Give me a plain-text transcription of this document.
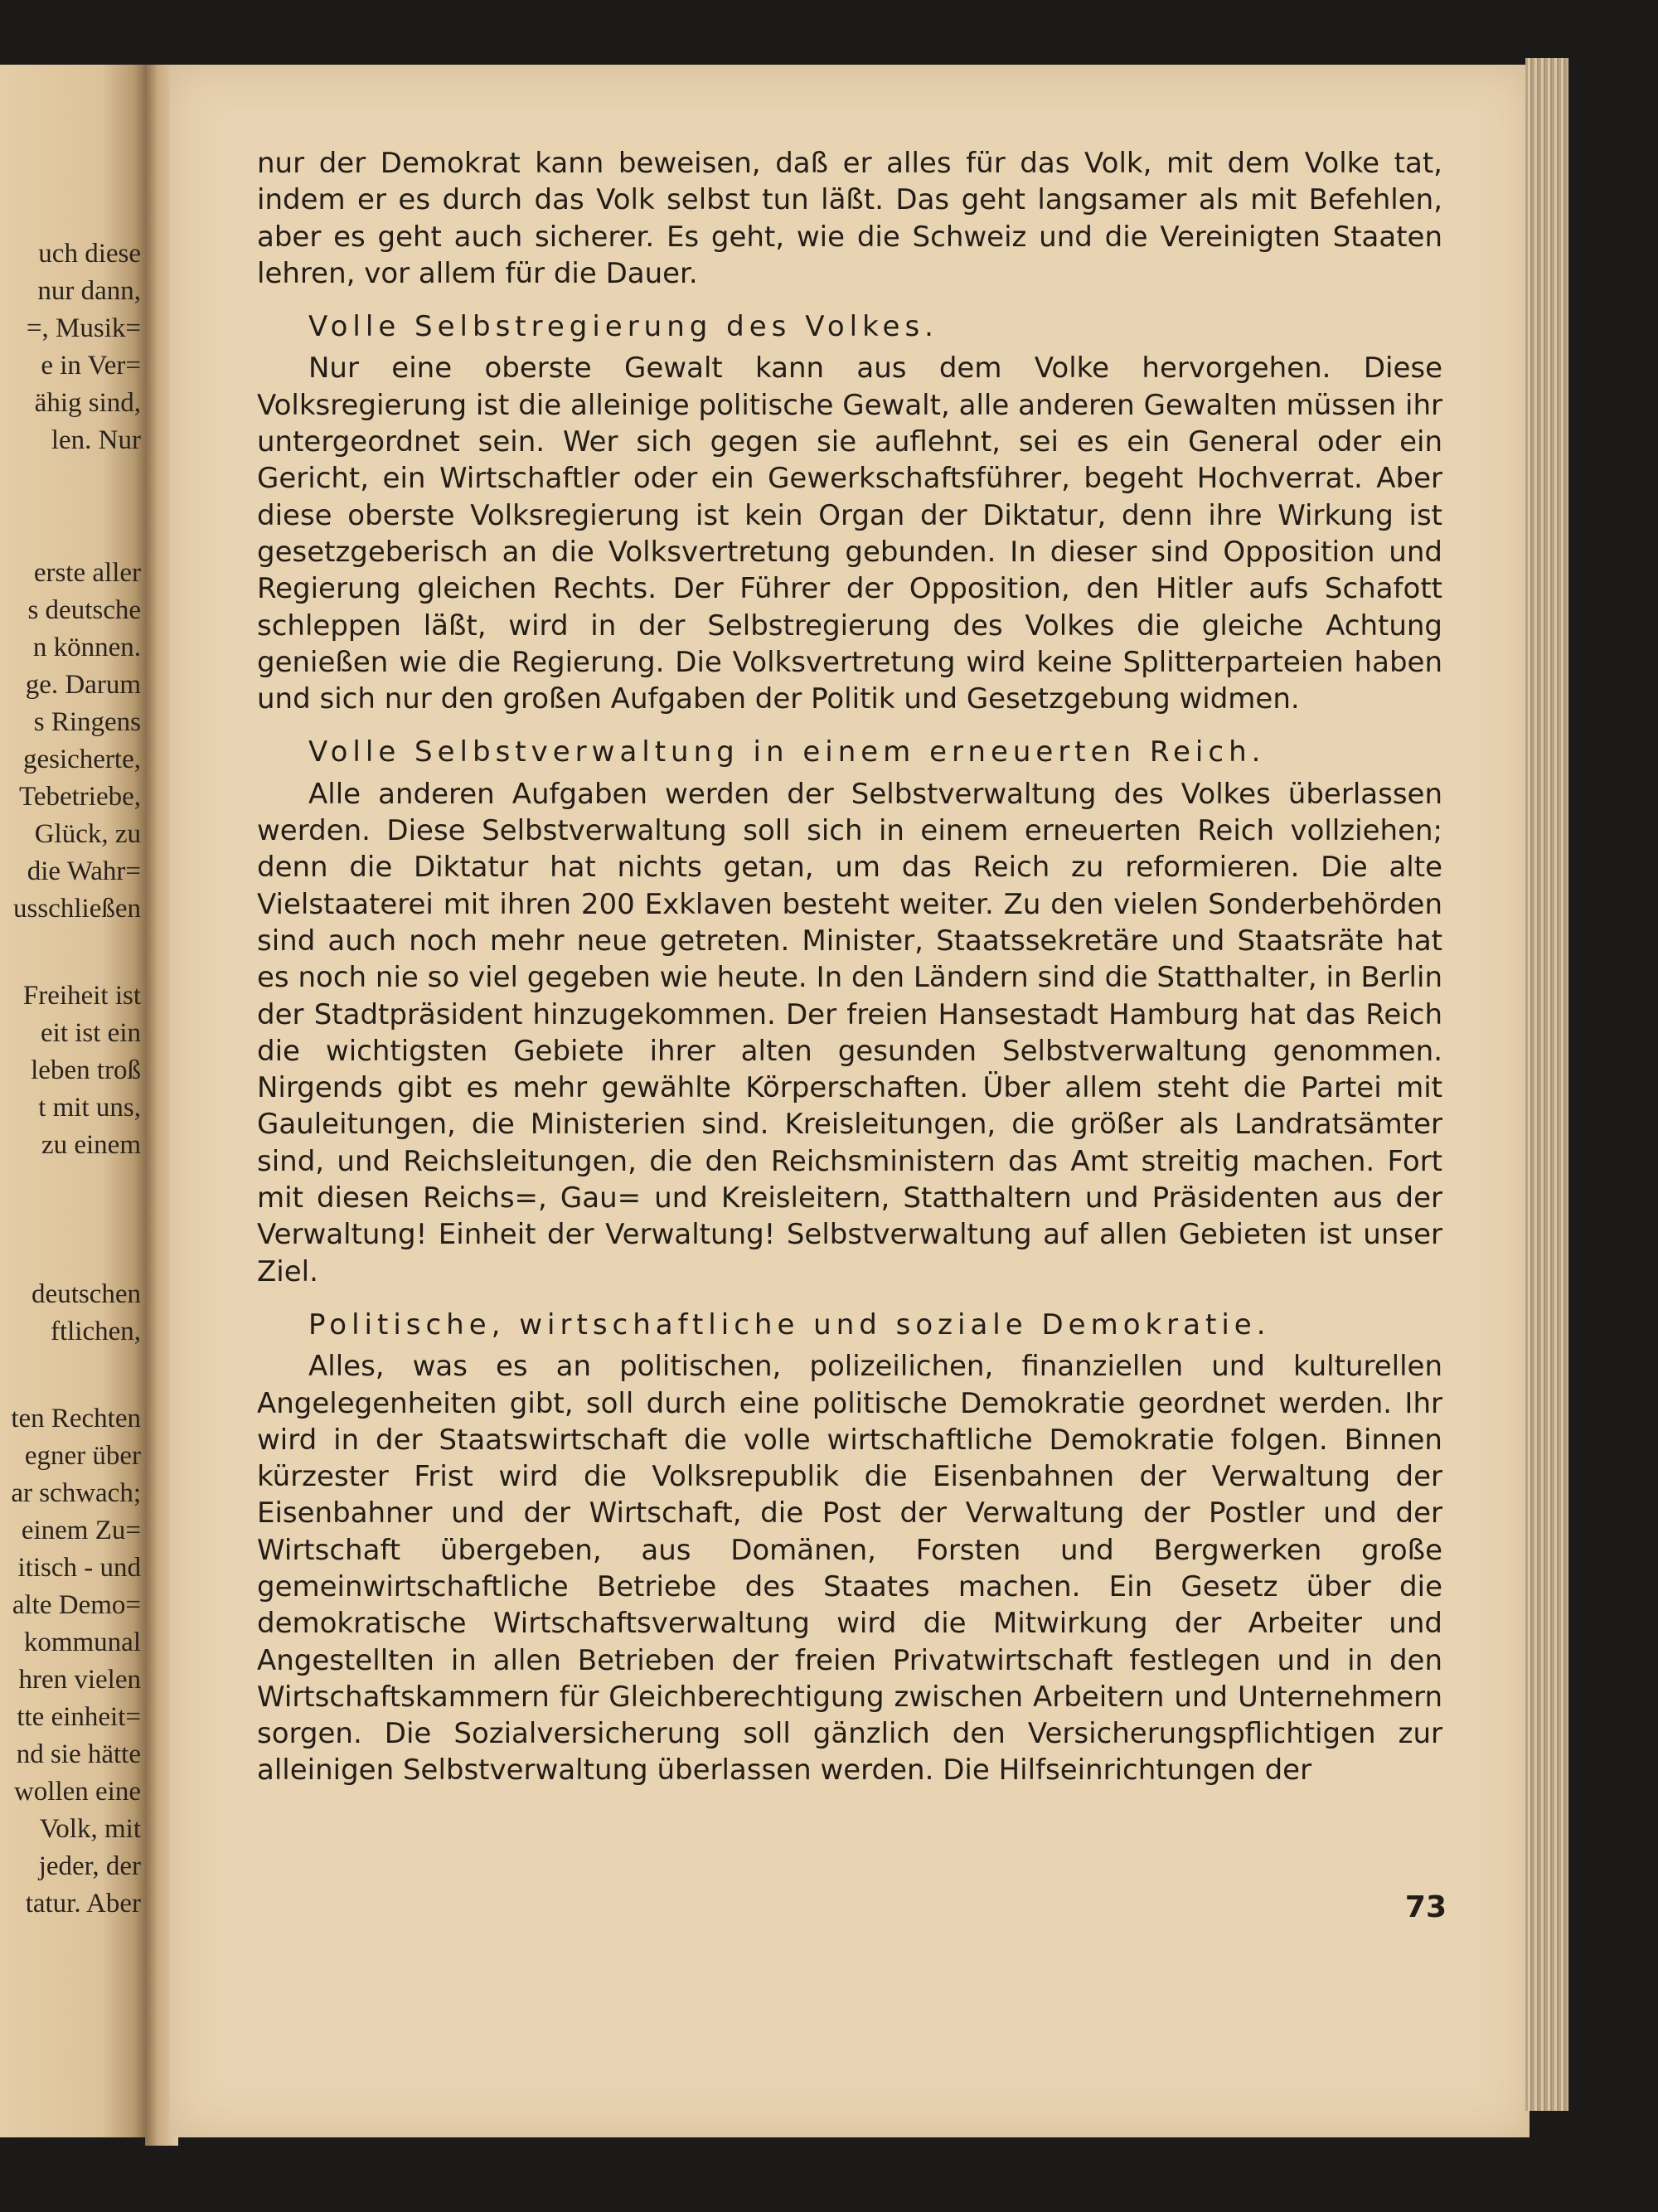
uch diese
nur dann,
=, Musik=
e in Ver=
ähig sind,
len. Nur
erste aller
s deutsche
n können.
ge. Darum
s Ringens
gesicherte,
Tebetriebe,
Glück, zu
die Wahr=
usschließen
Freiheit ist
eit ist ein
leben troß
t mit uns,
zu einem
deutschen
ftlichen,
ten Rechten
egner über
ar schwach;
einem Zu=
itisch - und
alte Demo=
kommunal
hren vielen
tte einheit=
nd sie hätte
wollen eine
Volk, mit
jeder, der
tatur. Aber

nur der Demokrat kann beweisen, daß er alles für das Volk, mit dem Volke tat, indem er es durch das Volk selbst tun läßt. Das geht langsamer als mit Befehlen, aber es geht auch sicherer. Es geht, wie die Schweiz und die Vereinigten Staaten lehren, vor allem für die Dauer.

Volle Selbstregierung des Volkes.

Nur eine oberste Gewalt kann aus dem Volke hervorgehen. Diese Volksregierung ist die alleinige politische Gewalt, alle anderen Gewalten müssen ihr untergeordnet sein. Wer sich gegen sie auflehnt, sei es ein General oder ein Gericht, ein Wirtschaftler oder ein Gewerkschaftsführer, begeht Hochverrat. Aber diese oberste Volksregierung ist kein Organ der Diktatur, denn ihre Wirkung ist gesetzgeberisch an die Volksvertretung gebunden. In dieser sind Opposition und Regierung gleichen Rechts. Der Führer der Opposition, den Hitler aufs Schafott schleppen läßt, wird in der Selbstregierung des Volkes die gleiche Achtung genießen wie die Regierung. Die Volksvertretung wird keine Splitterparteien haben und sich nur den großen Aufgaben der Politik und Gesetzgebung widmen.

Volle Selbstverwaltung in einem erneuerten Reich.

Alle anderen Aufgaben werden der Selbstverwaltung des Volkes überlassen werden. Diese Selbstverwaltung soll sich in einem erneuerten Reich vollziehen; denn die Diktatur hat nichts getan, um das Reich zu reformieren. Die alte Vielstaaterei mit ihren 200 Exklaven besteht weiter. Zu den vielen Sonderbehörden sind auch noch mehr neue getreten. Minister, Staatssekretäre und Staatsräte hat es noch nie so viel gegeben wie heute. In den Ländern sind die Statthalter, in Berlin der Stadtpräsident hinzugekommen. Der freien Hansestadt Hamburg hat das Reich die wichtigsten Gebiete ihrer alten gesunden Selbstverwaltung genommen. Nirgends gibt es mehr gewählte Körperschaften. Über allem steht die Partei mit Gauleitungen, die Ministerien sind. Kreisleitungen, die größer als Landratsämter sind, und Reichsleitungen, die den Reichsministern das Amt streitig machen. Fort mit diesen Reichs=, Gau= und Kreisleitern, Statthaltern und Präsidenten aus der Verwaltung! Einheit der Verwaltung! Selbstverwaltung auf allen Gebieten ist unser Ziel.

Politische, wirtschaftliche und soziale Demokratie.

Alles, was es an politischen, polizeilichen, finanziellen und kulturellen Angelegenheiten gibt, soll durch eine politische Demokratie geordnet werden. Ihr wird in der Staatswirtschaft die volle wirtschaftliche Demokratie folgen. Binnen kürzester Frist wird die Volksrepublik die Eisenbahnen der Verwaltung der Eisenbahner und der Wirtschaft, die Post der Verwaltung der Postler und der Wirtschaft übergeben, aus Domänen, Forsten und Bergwerken große gemeinwirtschaftliche Betriebe des Staates machen. Ein Gesetz über die demokratische Wirtschaftsverwaltung wird die Mitwirkung der Arbeiter und Angestellten in allen Betrieben der freien Privatwirtschaft festlegen und in den Wirtschaftskammern für Gleichberechtigung zwischen Arbeitern und Unternehmern sorgen. Die Sozialversicherung soll gänzlich den Versicherungspflichtigen zur alleinigen Selbstverwaltung überlassen werden. Die Hilfseinrichtungen der

73
